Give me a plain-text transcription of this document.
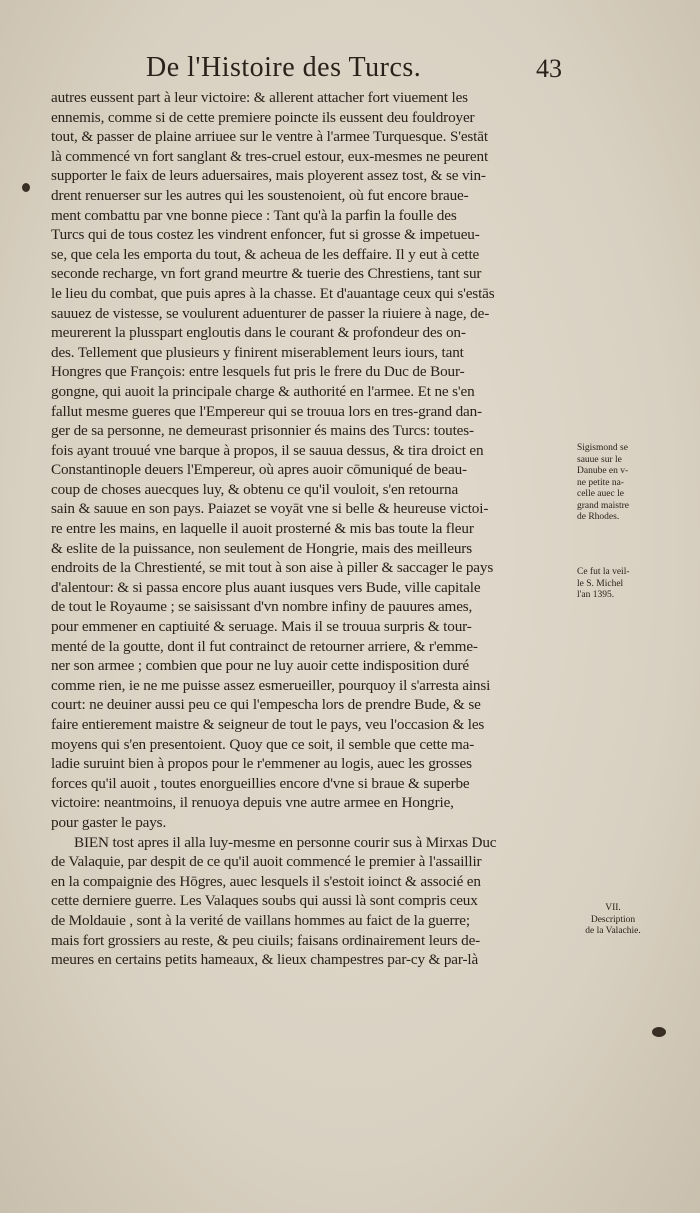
De l'Histoire des Turcs.	43
autres eussent part à leur victoire: & allerent attacher fort viuement les
ennemis, comme si de cette premiere poincte ils eussent deu fouldroyer
tout, & passer de plaine arriuee sur le ventre à l'armee Turquesque. S'estāt
là commencé vn fort sanglant & tres-cruel estour, eux-mesmes ne peurent
supporter le faix de leurs aduersaires, mais ployerent assez tost, & se vin-
drent renuerser sur les autres qui les soustenoient, où fut encore braue-
ment combattu par vne bonne piece : Tant qu'à la parfin la foulle des
Turcs qui de tous costez les vindrent enfoncer, fut si grosse & impetueu-
se, que cela les emporta du tout, & acheua de les deffaire. Il y eut à cette
seconde recharge, vn fort grand meurtre & tuerie des Chrestiens, tant sur
le lieu du combat, que puis apres à la chasse. Et d'auantage ceux qui s'estās
sauuez de vistesse, se voulurent aduenturer de passer la riuiere à nage, de-
meurerent la plusspart engloutis dans le courant & profondeur des on-
des. Tellement que plusieurs y finirent miserablement leurs iours, tant
Hongres que François: entre lesquels fut pris le frere du Duc de Bour-
gongne, qui auoit la principale charge & authorité en l'armee. Et ne s'en
fallut mesme gueres que l'Empereur qui se trouua lors en tres-grand dan-
ger de sa personne, ne demeurast prisonnier és mains des Turcs: toutes-
fois ayant trouué vne barque à propos, il se sauua dessus, & tira droict en
Constantinople deuers l'Empereur, où apres auoir cōmuniqué de beau-
coup de choses auecques luy, & obtenu ce qu'il vouloit, s'en retourna
sain & sauue en son pays. Paiazet se voyāt vne si belle & heureuse victoi-
re entre les mains, en laquelle il auoit prosterné & mis bas toute la fleur
& eslite de la puissance, non seulement de Hongrie, mais des meilleurs
endroits de la Chrestienté, se mit tout à son aise à piller & saccager le pays
d'alentour: & si passa encore plus auant iusques vers Bude, ville capitale
de tout le Royaume ; se saisissant d'vn nombre infiny de pauures ames,
pour emmener en captiuité & seruage. Mais il se trouua surpris & tour-
menté de la goutte, dont il fut contrainct de retourner arriere, & r'emme-
ner son armee ; combien que pour ne luy auoir cette indisposition duré
comme rien, ie ne me puisse assez esmerueiller, pourquoy il s'arresta ainsi
court: ne deuiner aussi peu ce qui l'empescha lors de prendre Bude, & se
faire entierement maistre & seigneur de tout le pays, veu l'occasion & les
moyens qui s'en presentoient. Quoy que ce soit, il semble que cette ma-
ladie suruint bien à propos pour le r'emmener au logis, auec les grosses
forces qu'il auoit , toutes enorgueillies encore d'vne si braue & superbe
victoire: neantmoins, il renuoya depuis vne autre armee en Hongrie,
pour gaster le pays.
BIEN tost apres il alla luy-mesme en personne courir sus à Mirxas Duc
de Valaquie, par despit de ce qu'il auoit commencé le premier à l'assaillir
en la compaignie des Hōgres, auec lesquels il s'estoit ioinct & associé en
cette derniere guerre. Les Valaques soubs qui aussi là sont compris ceux
de Moldauie , sont à la verité de vaillans hommes au faict de la guerre;
mais fort grossiers au reste, & peu ciuils; faisans ordinairement leurs de-
meures en certains petits hameaux, & lieux champestres par-cy & par-là
Sigismond se
sauue sur le
Danube en v-
ne petite na-
celle auec le
grand maistre
de Rhodes.
Ce fut la veil-
le S. Michel
l'an 1395.
VII.
Description
de la Valachie.
